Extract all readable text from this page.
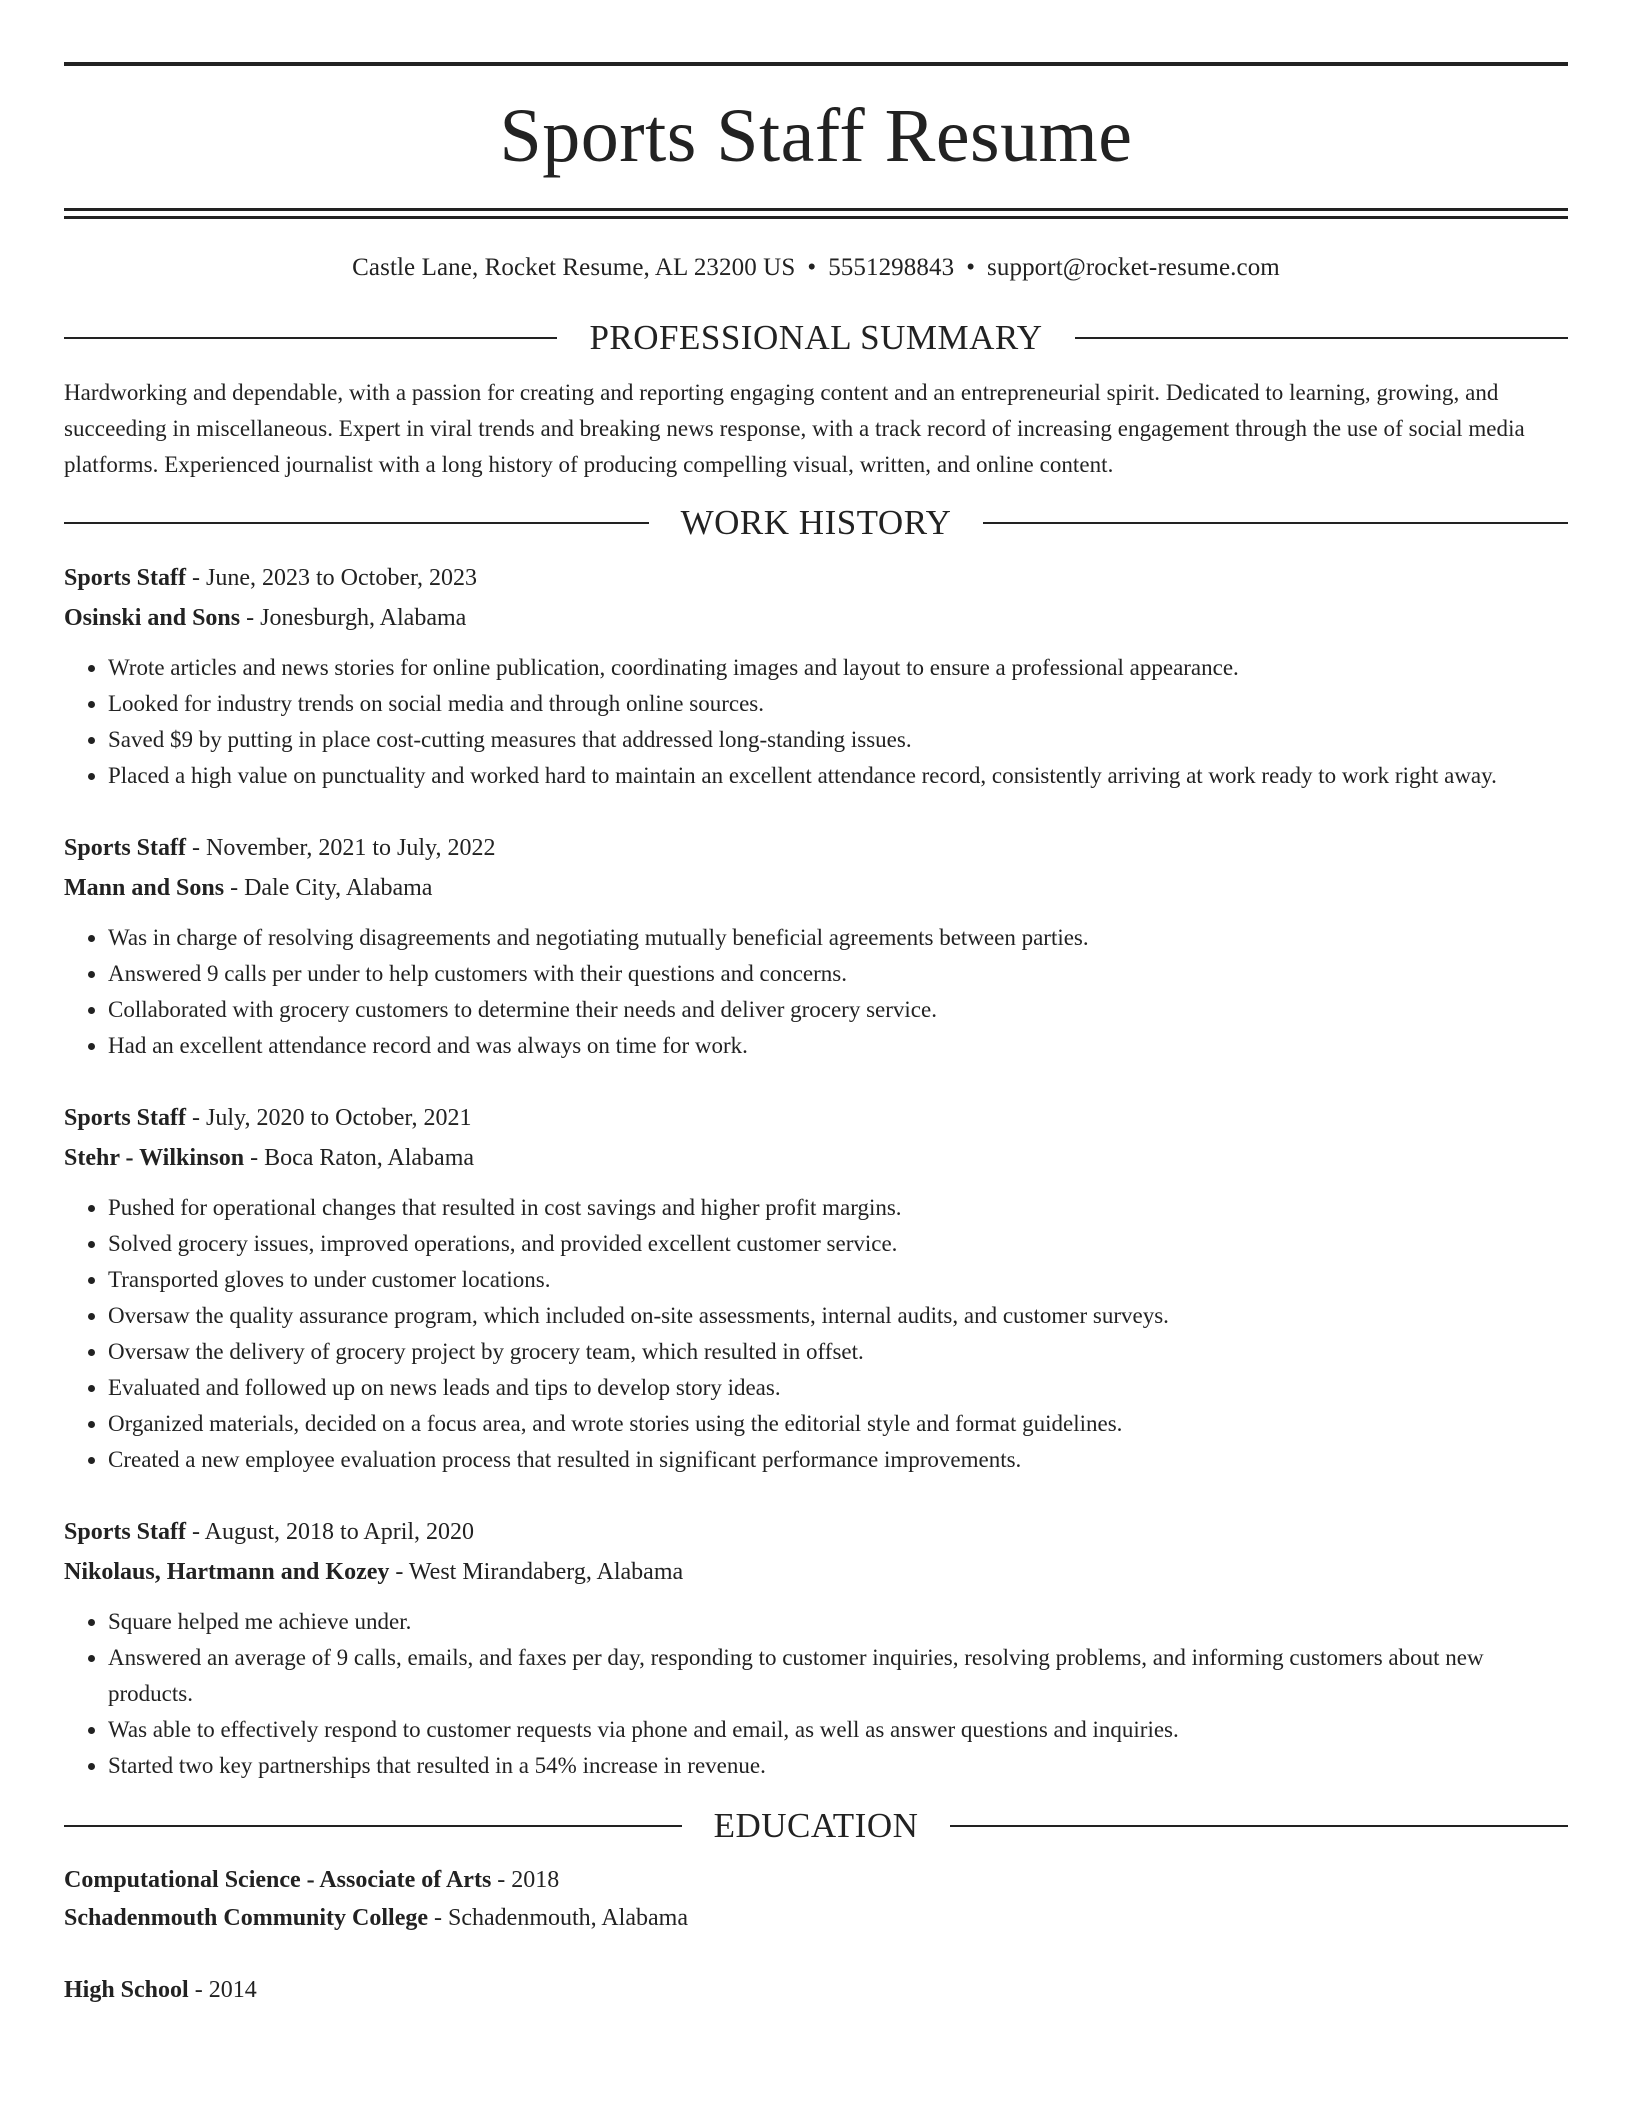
Sports Staff Resume
Castle Lane, Rocket Resume, AL 23200 US • 5551298843 • support@rocket-resume.com
PROFESSIONAL SUMMARY

Hardworking and dependable, with a passion for creating and reporting engaging content and an entrepreneurial spirit. Dedicated to learning, growing, and succeeding in miscellaneous. Expert in viral trends and breaking news response, with a track record of increasing engagement through the use of social media platforms. Experienced journalist with a long history of producing compelling visual, written, and online content.

WORK HISTORY
Sports Staff - June, 2023 to October, 2023
Osinski and Sons - Jonesburgh, Alabama
• Wrote articles and news stories for online publication, coordinating images and layout to ensure a professional appearance.
• Looked for industry trends on social media and through online sources.
• Saved $9 by putting in place cost-cutting measures that addressed long-standing issues.
• Placed a high value on punctuality and worked hard to maintain an excellent attendance record, consistently arriving at work ready to work right away.
Sports Staff - November, 2021 to July, 2022
Mann and Sons - Dale City, Alabama
• Was in charge of resolving disagreements and negotiating mutually beneficial agreements between parties.
• Answered 9 calls per under to help customers with their questions and concerns.
• Collaborated with grocery customers to determine their needs and deliver grocery service.
• Had an excellent attendance record and was always on time for work.
Sports Staff - July, 2020 to October, 2021
Stehr - Wilkinson - Boca Raton, Alabama
• Pushed for operational changes that resulted in cost savings and higher profit margins.
• Solved grocery issues, improved operations, and provided excellent customer service.
• Transported gloves to under customer locations.
• Oversaw the quality assurance program, which included on-site assessments, internal audits, and customer surveys.
• Oversaw the delivery of grocery project by grocery team, which resulted in offset.
• Evaluated and followed up on news leads and tips to develop story ideas.
• Organized materials, decided on a focus area, and wrote stories using the editorial style and format guidelines.
• Created a new employee evaluation process that resulted in significant performance improvements.
Sports Staff - August, 2018 to April, 2020
Nikolaus, Hartmann and Kozey - West Mirandaberg, Alabama
• Square helped me achieve under.
• Answered an average of 9 calls, emails, and faxes per day, responding to customer inquiries, resolving problems, and informing customers about new products.
• Was able to effectively respond to customer requests via phone and email, as well as answer questions and inquiries.
• Started two key partnerships that resulted in a 54% increase in revenue.
EDUCATION
Computational Science - Associate of Arts - 2018
Schadenmouth Community College - Schadenmouth, Alabama
High School - 2014
